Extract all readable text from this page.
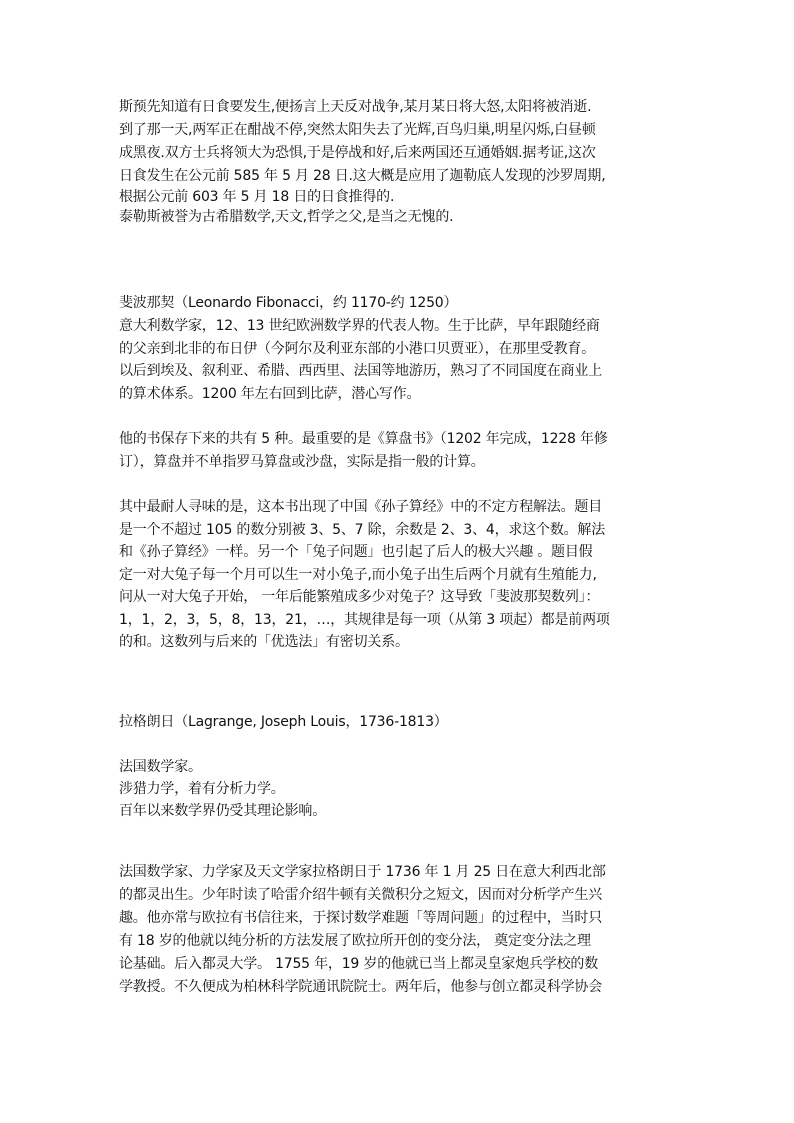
斯预先知道有日食要发生,便扬言上天反对战争,某月某日将大怒,太阳将被消逝.
到了那一天,两军正在酣战不停,突然太阳失去了光辉,百鸟归巢,明星闪烁,白昼顿
成黑夜.双方士兵将领大为恐惧,于是停战和好,后来两国还互通婚姻.据考证,这次
日食发生在公元前 585 年 5 月 28 日.这大概是应用了迦勒底人发现的沙罗周期,
根据公元前 603 年 5 月 18 日的日食推得的.
泰勒斯被誉为古希腊数学,天文,哲学之父,是当之无愧的.
斐波那契（Leonardo Fibonacci，约 1170-约 1250）
意大利数学家，12、13 世纪欧洲数学界的代表人物。生于比萨，早年跟随经商
的父亲到北非的布日伊（今阿尔及利亚东部的小港口贝贾亚），在那里受教育。
以后到埃及、叙利亚、希腊、西西里、法国等地游历，熟习了不同国度在商业上
的算术体系。1200 年左右回到比萨，潜心写作。
他的书保存下来的共有 5 种。最重要的是《算盘书》（1202 年完成，1228 年修
订），算盘并不单指罗马算盘或沙盘，实际是指一般的计算。
其中最耐人寻味的是，这本书出现了中国《孙子算经》中的不定方程解法。题目
是一个不超过 105 的数分别被 3、5、7 除，余数是 2、3、4，求这个数。解法
和《孙子算经》一样。另一个「兔子问题」也引起了后人的极大兴趣 。题目假
定一对大兔子每一个月可以生一对小兔子,而小兔子出生后两个月就有生殖能力,
问从一对大兔子开始， 一年后能繁殖成多少对兔子？这导致「斐波那契数列」：
1，1，2，3，5，8，13，21，…，其规律是每一项（从第 3 项起）都是前两项
的和。这数列与后来的「优选法」有密切关系。
拉格朗日（Lagrange, Joseph Louis，1736-1813）
法国数学家。
涉猎力学，着有分析力学。
百年以来数学界仍受其理论影响。
法国数学家、力学家及天文学家拉格朗日于 1736 年 1 月 25 日在意大利西北部
的都灵出生。少年时读了哈雷介绍牛顿有关微积分之短文，因而对分析学产生兴
趣。他亦常与欧拉有书信往来，于探讨数学难题「等周问题」的过程中，当时只
有 18 岁的他就以纯分析的方法发展了欧拉所开创的变分法， 奠定变分法之理
论基础。后入都灵大学。 1755 年，19 岁的他就已当上都灵皇家炮兵学校的数
学教授。不久便成为柏林科学院通讯院院士。两年后，他参与创立都灵科学协会
